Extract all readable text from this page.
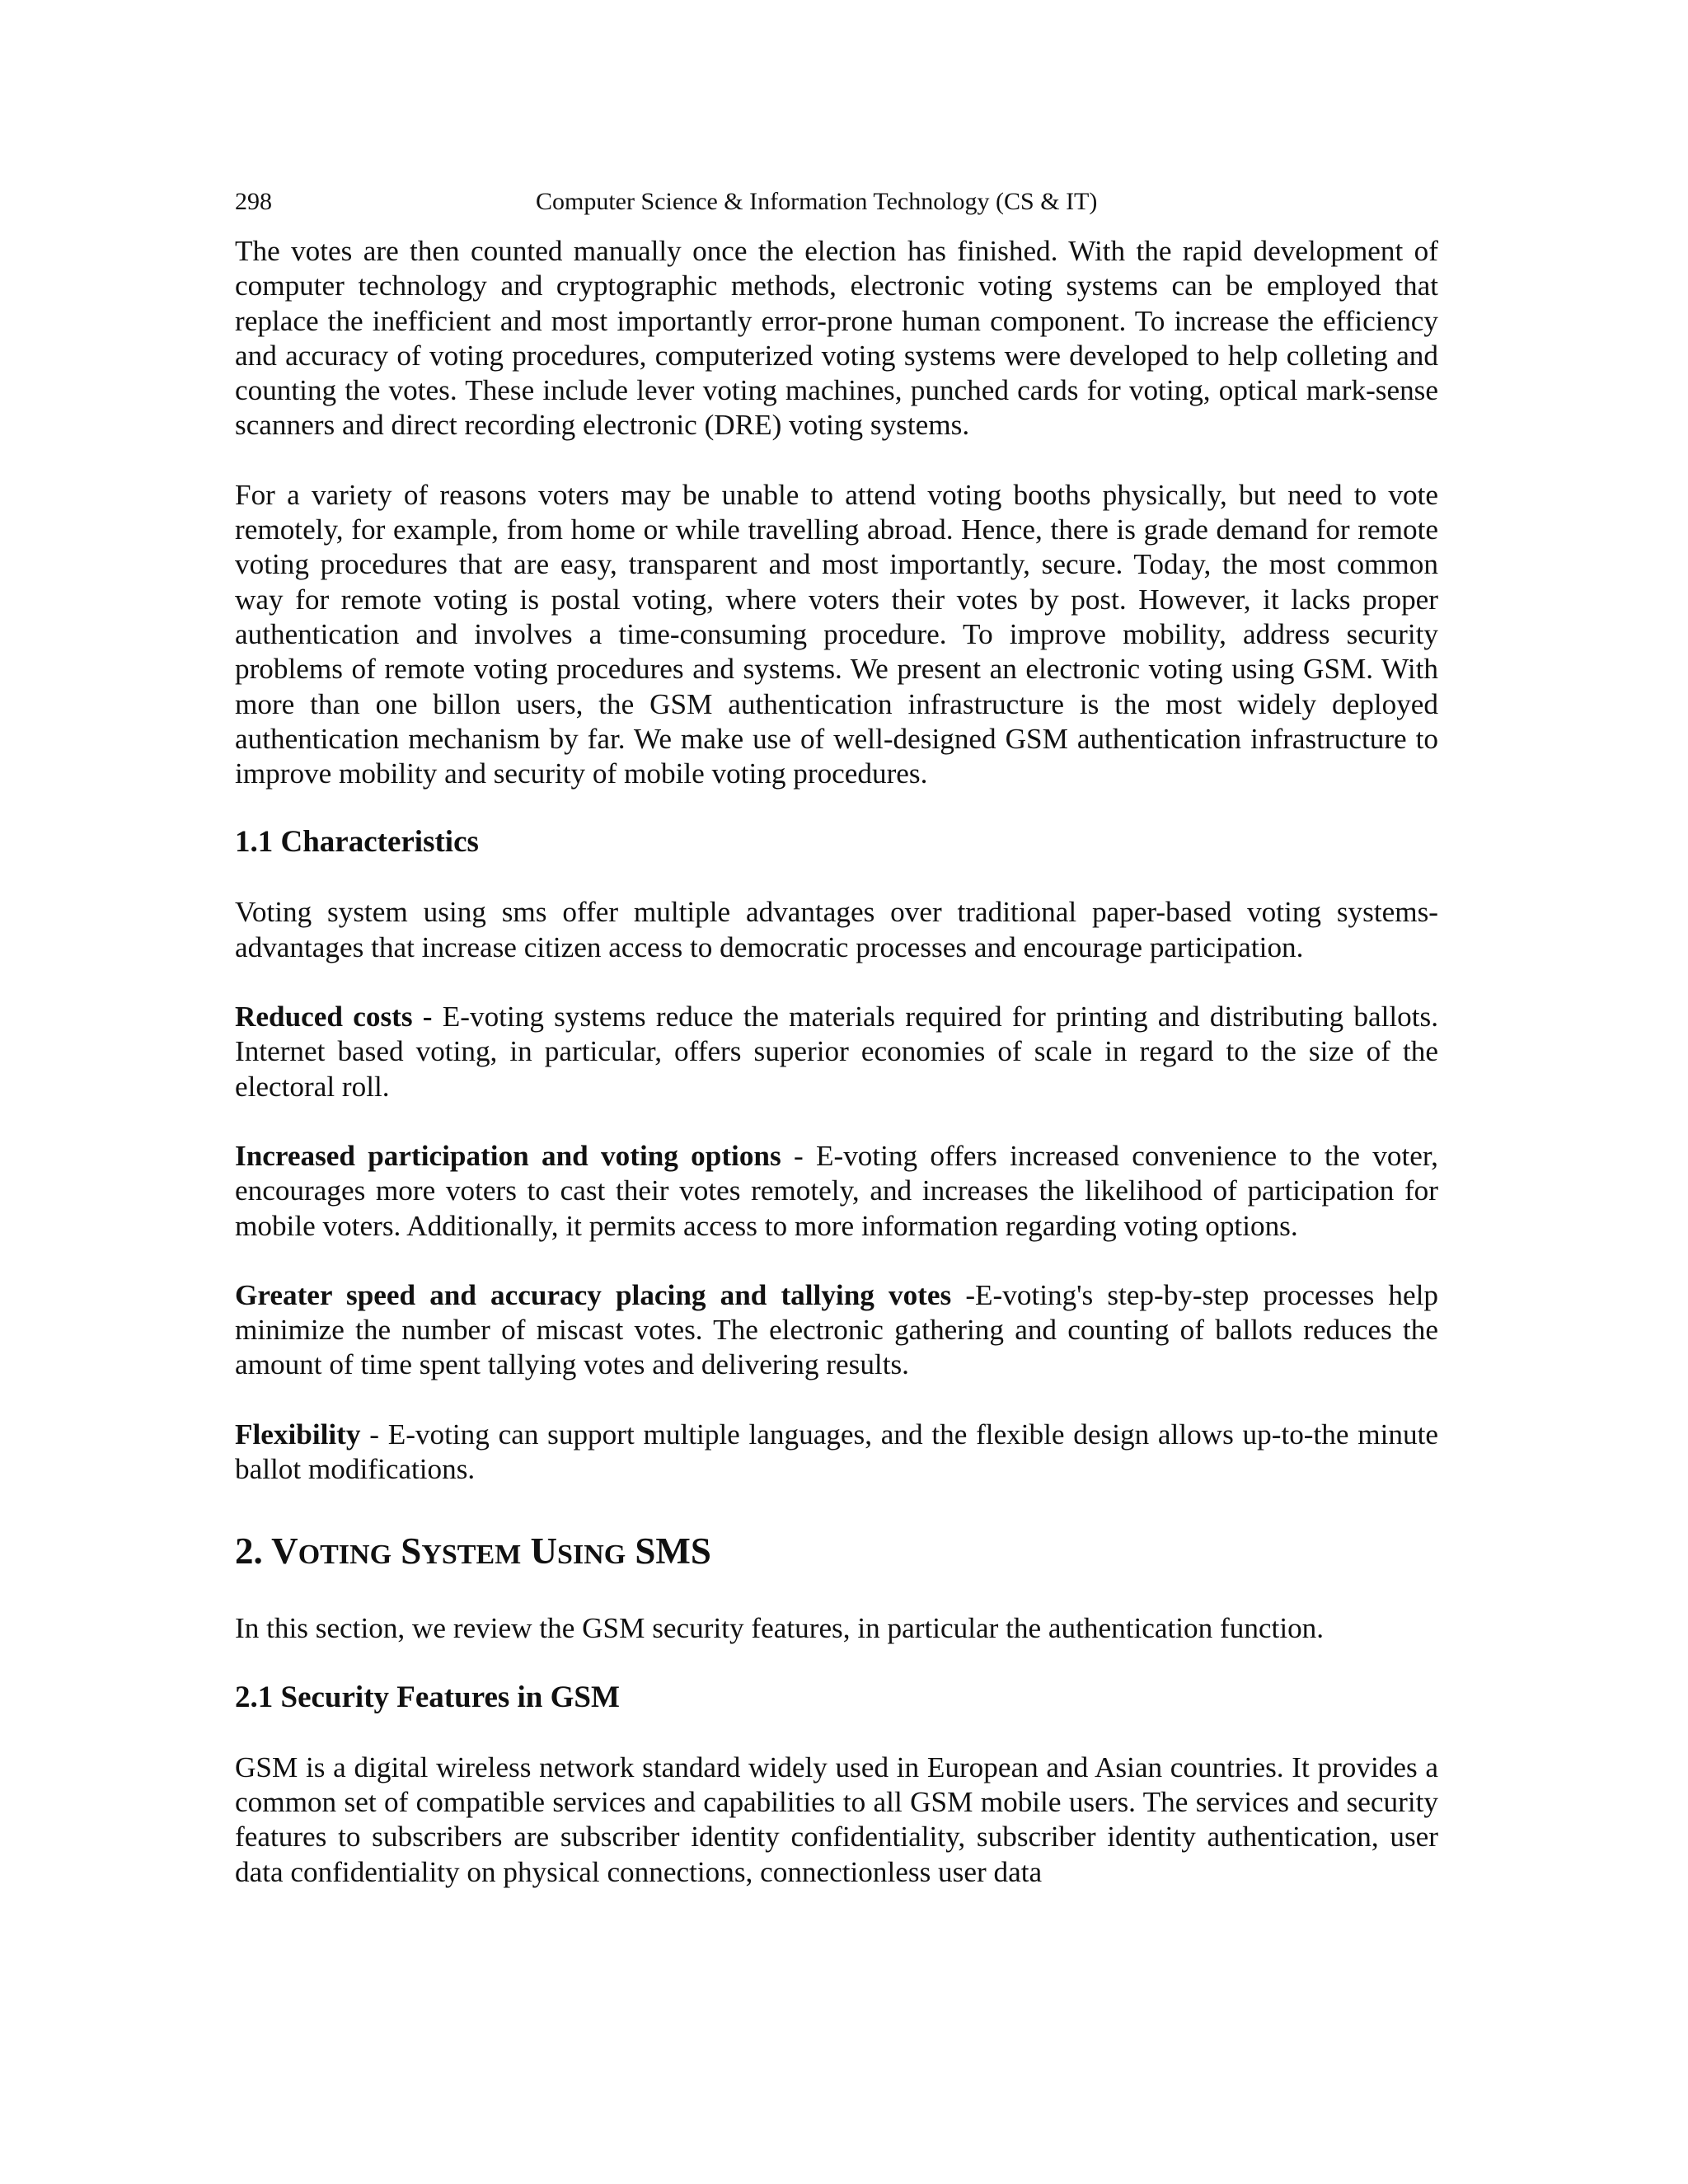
298	Computer Science & Information Technology (CS & IT)

The votes are then counted manually once the election has finished. With the rapid development of computer technology and cryptographic methods, electronic voting systems can be employed that replace the inefficient and most importantly error-prone human component. To increase the efficiency and accuracy of voting procedures, computerized voting systems were developed to help colleting and counting the votes. These include lever voting machines, punched cards for voting, optical mark-sense scanners and direct recording electronic (DRE) voting systems.

For a variety of reasons voters may be unable to attend voting booths physically, but need to vote remotely, for example, from home or while travelling abroad. Hence, there is grade demand for remote voting procedures that are easy, transparent and most importantly, secure. Today, the most common way for remote voting is postal voting, where voters their votes by post. However, it lacks proper authentication and involves a time-consuming procedure. To improve mobility, address security problems of remote voting procedures and systems. We present an electronic voting using GSM. With more than one billon users, the GSM authentication infrastructure is the most widely deployed authentication mechanism by far. We make use of well-designed GSM authentication infrastructure to improve mobility and security of mobile voting procedures.

1.1 Characteristics

Voting system using sms offer multiple advantages over traditional paper-based voting systems-advantages that increase citizen access to democratic processes and encourage participation.

Reduced costs - E-voting systems reduce the materials required for printing and distributing ballots. Internet based voting, in particular, offers superior economies of scale in regard to the size of the electoral roll.

Increased participation and voting options - E-voting offers increased convenience to the voter, encourages more voters to cast their votes remotely, and increases the likelihood of participation for mobile voters. Additionally, it permits access to more information regarding voting options.

Greater speed and accuracy placing and tallying votes -E-voting's step-by-step processes help minimize the number of miscast votes. The electronic gathering and counting of ballots reduces the amount of time spent tallying votes and delivering results.

Flexibility - E-voting can support multiple languages, and the flexible design allows up-to-the minute ballot modifications.

2. VOTING SYSTEM USING SMS

In this section, we review the GSM security features, in particular the authentication function.

2.1 Security Features in GSM

GSM is a digital wireless network standard widely used in European and Asian countries. It provides a common set of compatible services and capabilities to all GSM mobile users. The services and security features to subscribers are subscriber identity confidentiality, subscriber identity authentication, user data confidentiality on physical connections, connectionless user data
